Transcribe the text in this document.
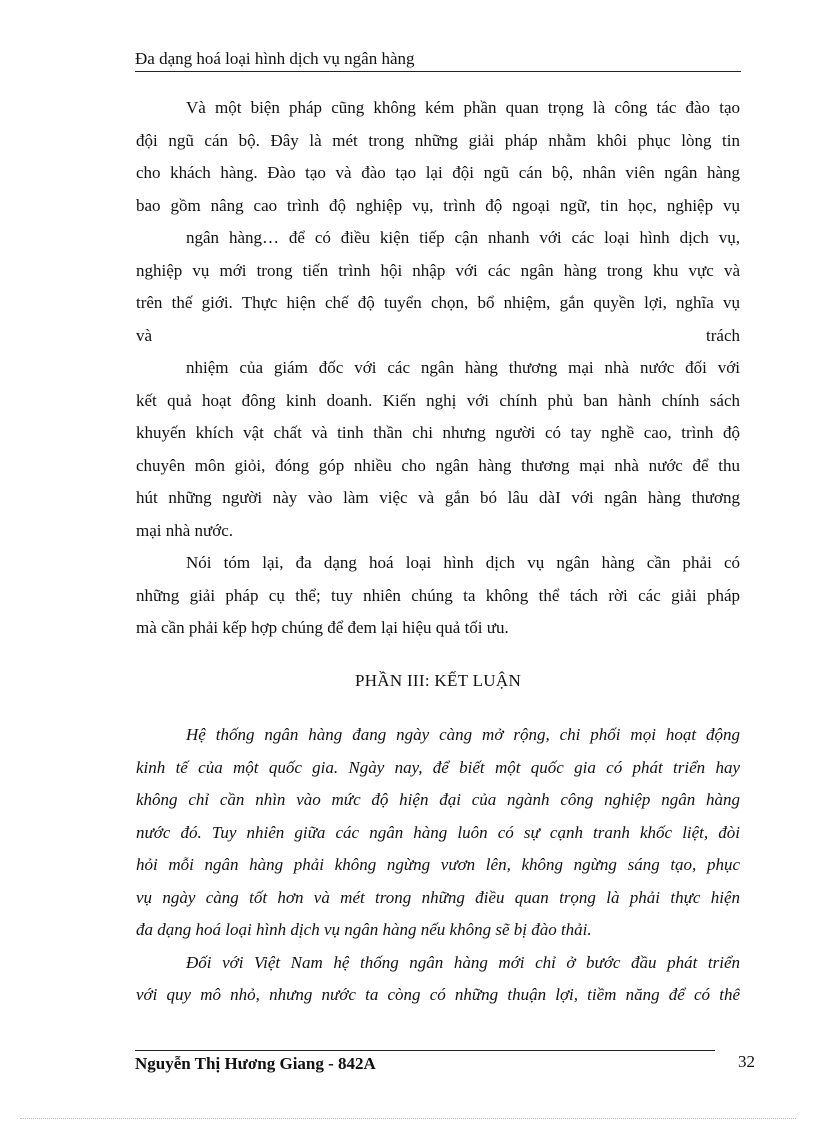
Đa dạng hoá loại hình dịch vụ ngân hàng
Và một biện pháp cũng không kém phần quan trọng là công tác đào tạo
đội ngũ cán bộ. Đây là mét trong những giải pháp nhằm khôi phục lòng tin
cho khách hàng. Đào tạo và đào tạo lại đội ngũ cán bộ, nhân viên ngân hàng
bao gồm nâng cao trình độ nghiệp vụ, trình độ ngoại ngữ, tin học, nghiệp vụ
ngân hàng… để có điều kiện tiếp cận nhanh với các loại hình dịch vụ,
nghiệp vụ mới trong tiến trình hội nhập với các ngân hàng trong khu vực và
trên thế giới. Thực hiện chế độ tuyển chọn, bổ nhiệm, gắn quyền lợi, nghĩa vụ
và	trách
nhiệm của giám đốc với các ngân hàng thương mại nhà nước đối với
kết quả hoạt đông kinh doanh. Kiến nghị với chính phủ ban hành chính sách
khuyến khích vật chất và tinh thần chi nhưng người có tay nghề cao, trình độ
chuyên môn giỏi, đóng góp nhiều cho ngân hàng thương mại nhà nước để thu
hút những người này vào làm việc và gắn bó lâu dàI với ngân hàng thương
mại nhà nước.
Nói tóm lại, đa dạng hoá loại hình dịch vụ ngân hàng cần phải có
những giải pháp cụ thể; tuy nhiên chúng ta không thể tách rời các giải pháp
mà cần phải kếp hợp chúng để đem lại hiệu quả tối ưu.
PHẦN III: KẾT LUẬN
Hệ thống ngân hàng đang ngày càng mở rộng, chi phối mọi hoạt động
kinh tế của một quốc gia. Ngày nay, để biết một quốc gia có phát triển hay
không chỉ cần nhìn vào mức độ hiện đại của ngành công nghiệp ngân hàng
nước đó. Tuy nhiên giữa các ngân hàng luôn có sự cạnh tranh khốc liệt, đòi
hỏi mỗi ngân hàng phải không ngừng vươn lên, không ngừng sáng tạo, phục
vụ ngày càng tốt hơn và mét trong những điều quan trọng là phải thực hiện
đa dạng hoá loại hình dịch vụ ngân hàng nếu không sẽ bị đào thải.
Đối với Việt Nam hệ thống ngân hàng mới chỉ ở bước đầu phát triển
với quy mô nhỏ, nhưng nước ta còng có những thuận lợi, tiềm năng để có thể
Nguyễn Thị Hương Giang - 842A	32
